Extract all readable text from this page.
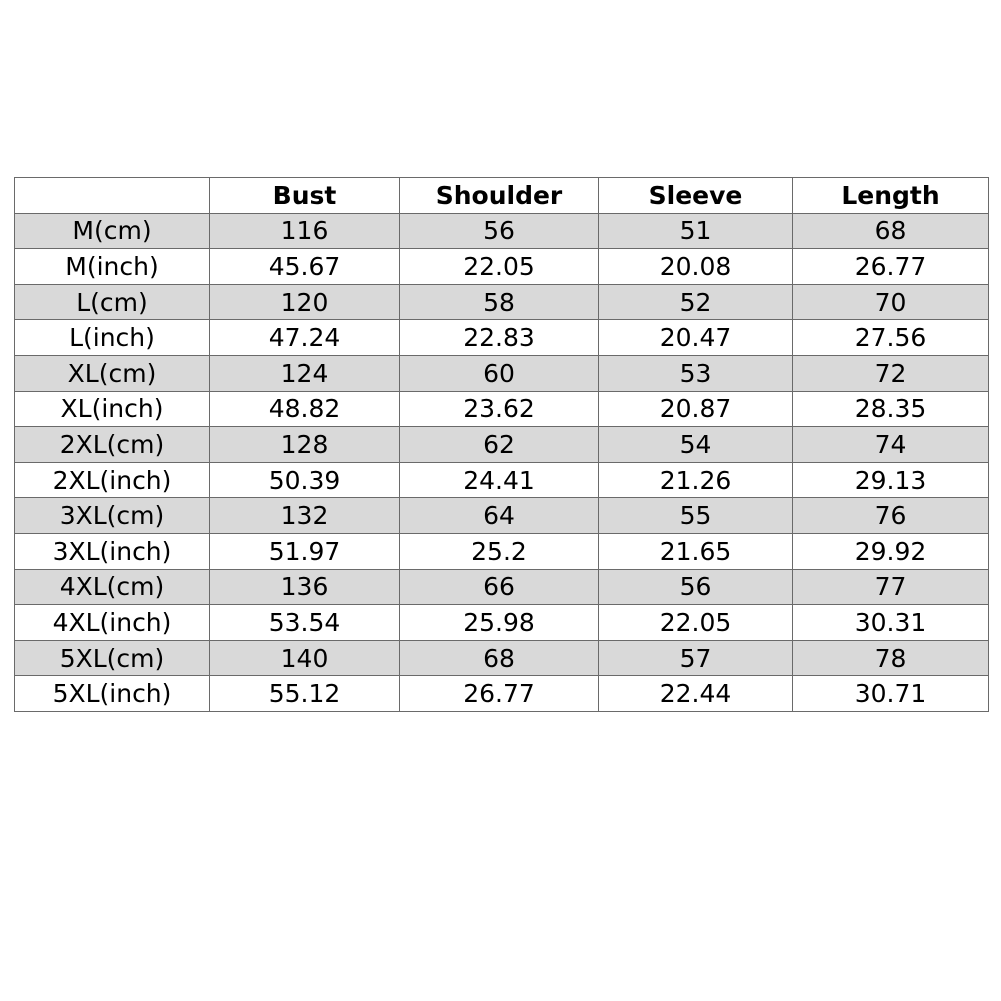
	Bust	Shoulder	Sleeve	Length
M(cm)	116	56	51	68
M(inch)	45.67	22.05	20.08	26.77
L(cm)	120	58	52	70
L(inch)	47.24	22.83	20.47	27.56
XL(cm)	124	60	53	72
XL(inch)	48.82	23.62	20.87	28.35
2XL(cm)	128	62	54	74
2XL(inch)	50.39	24.41	21.26	29.13
3XL(cm)	132	64	55	76
3XL(inch)	51.97	25.2	21.65	29.92
4XL(cm)	136	66	56	77
4XL(inch)	53.54	25.98	22.05	30.31
5XL(cm)	140	68	57	78
5XL(inch)	55.12	26.77	22.44	30.71
